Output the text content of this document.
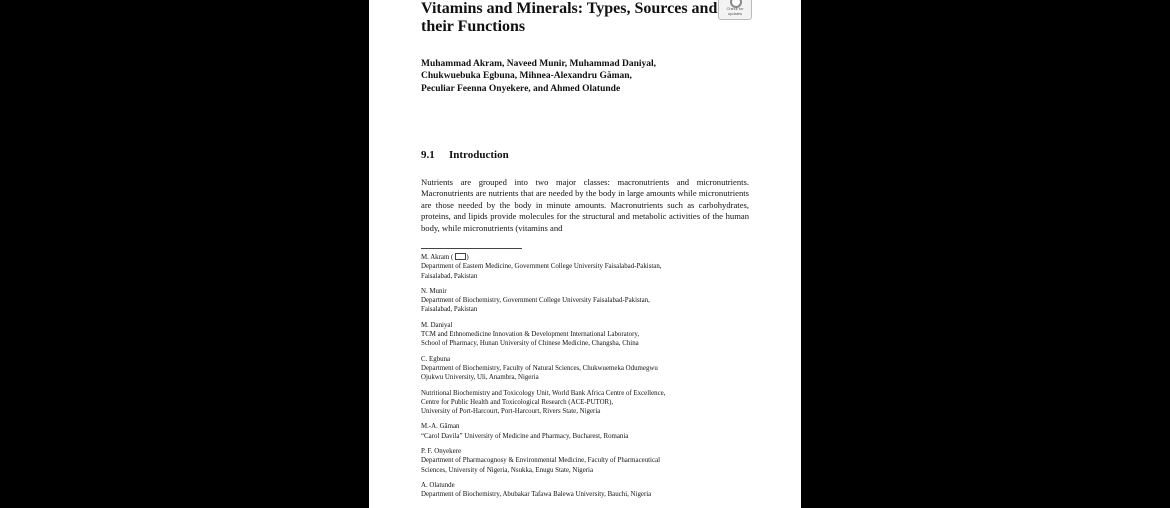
Vitamins and Minerals: Types, Sources and their Functions
Check for updates
Muhammad Akram, Naveed Munir, Muhammad Daniyal,
Chukwuebuka Egbuna, Mihnea-Alexandru Găman,
Peculiar Feenna Onyekere, and Ahmed Olatunde
9.1 Introduction
Nutrients are grouped into two major classes: macronutrients and micronutrients. Macronutrients are nutrients that are needed by the body in large amounts while micronutrients are those needed by the body in minute amounts. Macronutrients such as carbohydrates, proteins, and lipids provide molecules for the structural and metabolic activities of the human body, while micronutrients (vitamins and
M. Akram ( )
Department of Eastern Medicine, Government College University Faisalabad-Pakistan,
Faisalabad, Pakistan
N. Munir
Department of Biochemistry, Government College University Faisalabad-Pakistan,
Faisalabad, Pakistan
M. Daniyal
TCM and Ethnomedicine Innovation & Development International Laboratory,
School of Pharmacy, Hunan University of Chinese Medicine, Changsha, China
C. Egbuna
Department of Biochemistry, Faculty of Natural Sciences, Chukwuemeka Odumegwu
Ojukwu University, Uli, Anambra, Nigeria
Nutritional Biochemistry and Toxicology Unit, World Bank Africa Centre of Excellence,
Centre for Public Health and Toxicological Research (ACE-PUTOR),
University of Port-Harcourt, Port-Harcourt, Rivers State, Nigeria
M.-A. Găman
“Carol Davila” University of Medicine and Pharmacy, Bucharest, Romania
P. F. Onyekere
Department of Pharmacognosy & Environmental Medicine, Faculty of Pharmaceutical
Sciences, University of Nigeria, Nsukka, Enugu State, Nigeria
A. Olatunde
Department of Biochemistry, Abubakar Tafawa Balewa University, Bauchi, Nigeria
